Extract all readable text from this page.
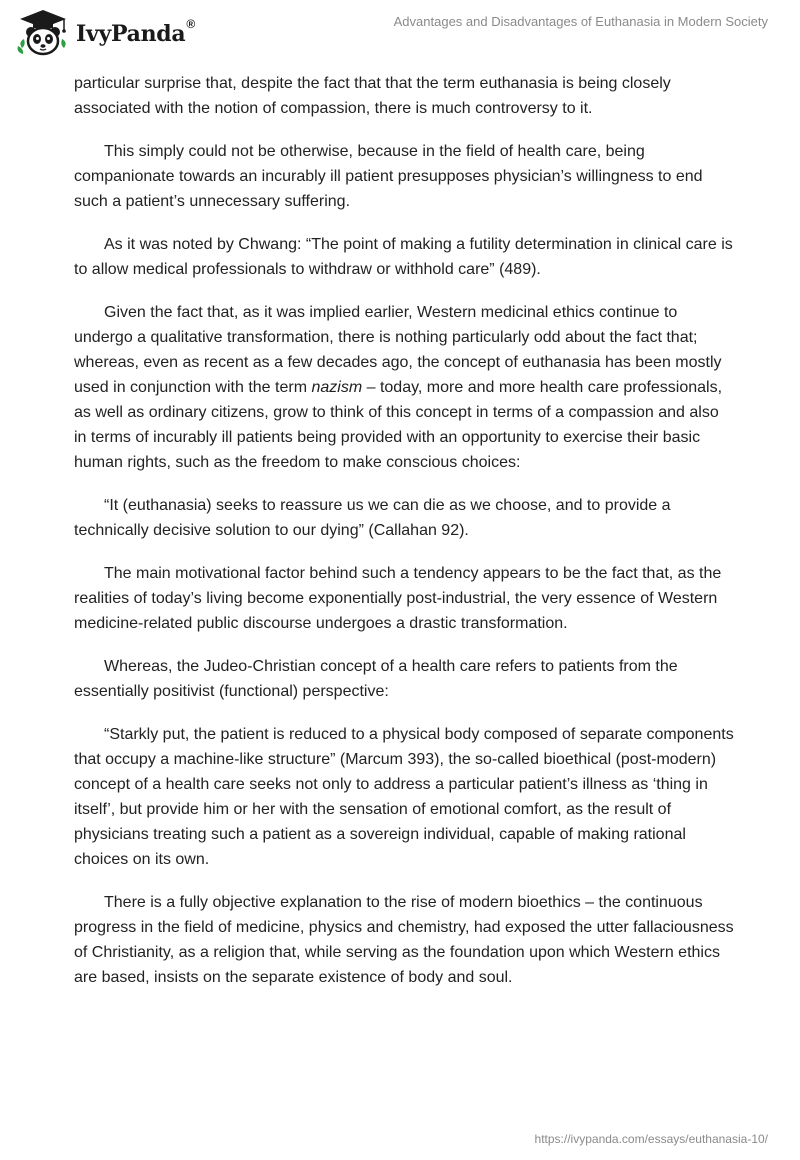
IvyPanda®	Advantages and Disadvantages of Euthanasia in Modern Society

particular surprise that, despite the fact that that the term euthanasia is being closely associated with the notion of compassion, there is much controversy to it.

This simply could not be otherwise, because in the field of health care, being companionate towards an incurably ill patient presupposes physician’s willingness to end such a patient’s unnecessary suffering.

As it was noted by Chwang: “The point of making a futility determination in clinical care is to allow medical professionals to withdraw or withhold care” (489).

Given the fact that, as it was implied earlier, Western medicinal ethics continue to undergo a qualitative transformation, there is nothing particularly odd about the fact that; whereas, even as recent as a few decades ago, the concept of euthanasia has been mostly used in conjunction with the term nazism – today, more and more health care professionals, as well as ordinary citizens, grow to think of this concept in terms of a compassion and also in terms of incurably ill patients being provided with an opportunity to exercise their basic human rights, such as the freedom to make conscious choices:

“It (euthanasia) seeks to reassure us we can die as we choose, and to provide a technically decisive solution to our dying” (Callahan 92).

The main motivational factor behind such a tendency appears to be the fact that, as the realities of today’s living become exponentially post-industrial, the very essence of Western medicine-related public discourse undergoes a drastic transformation.

Whereas, the Judeo-Christian concept of a health care refers to patients from the essentially positivist (functional) perspective:

“Starkly put, the patient is reduced to a physical body composed of separate components that occupy a machine-like structure” (Marcum 393), the so-called bioethical (post-modern) concept of a health care seeks not only to address a particular patient’s illness as ‘thing in itself’, but provide him or her with the sensation of emotional comfort, as the result of physicians treating such a patient as a sovereign individual, capable of making rational choices on its own.

There is a fully objective explanation to the rise of modern bioethics – the continuous progress in the field of medicine, physics and chemistry, had exposed the utter fallaciousness of Christianity, as a religion that, while serving as the foundation upon which Western ethics are based, insists on the separate existence of body and soul.

https://ivypanda.com/essays/euthanasia-10/
